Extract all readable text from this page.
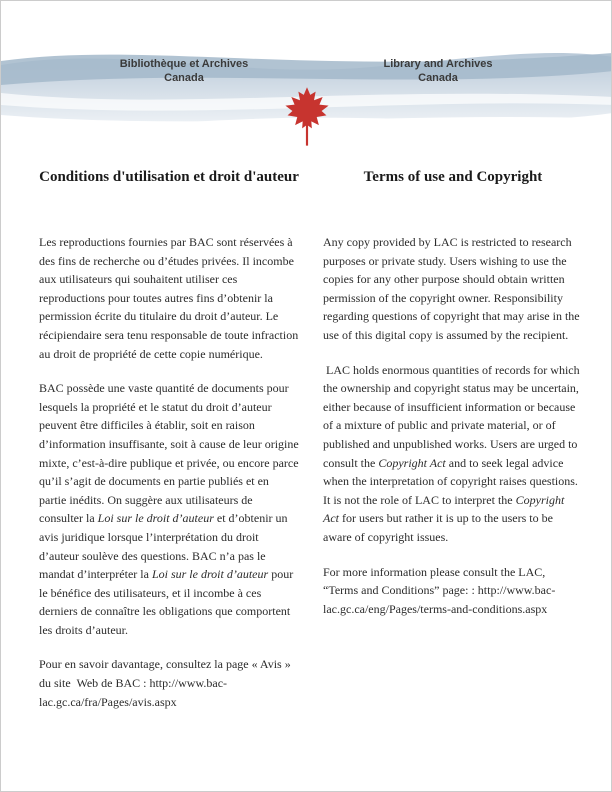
Bibliothèque et Archives
Canada
Library and Archives
Canada
Conditions d'utilisation et droit d'auteur

Les reproductions fournies par BAC sont réservées à des fins de recherche ou d’études privées. Il incombe aux utilisateurs qui souhaitent utiliser ces reproductions pour toutes autres fins d’obtenir la permission écrite du titulaire du droit d’auteur. Le récipiendaire sera tenu responsable de toute infraction au droit de propriété de cette copie numérique.

BAC possède une vaste quantité de documents pour lesquels la propriété et le statut du droit d’auteur peuvent être difficiles à établir, soit en raison d’information insuffisante, soit à cause de leur origine mixte, c’est-à-dire publique et privée, ou encore parce qu’il s’agit de documents en partie publiés et en partie inédits. On suggère aux utilisateurs de consulter la Loi sur le droit d’auteur et d’obtenir un avis juridique lorsque l’interprétation du droit d’auteur soulève des questions. BAC n’a pas le mandat d’interpréter la Loi sur le droit d’auteur pour le bénéfice des utilisateurs, et il incombe à ces derniers de connaître les obligations que comportent les droits d’auteur.

Pour en savoir davantage, consultez la page « Avis » du site  Web de BAC : http://www.bac-lac.gc.ca/fra/Pages/avis.aspx

Terms of use and Copyright

Any copy provided by LAC is restricted to research purposes or private study. Users wishing to use the copies for any other purpose should obtain written permission of the copyright owner. Responsibility regarding questions of copyright that may arise in the use of this digital copy is assumed by the recipient.

LAC holds enormous quantities of records for which the ownership and copyright status may be uncertain, either because of insufficient information or because of a mixture of public and private material, or of published and unpublished works. Users are urged to consult the Copyright Act and to seek legal advice when the interpretation of copyright raises questions. It is not the role of LAC to interpret the Copyright Act for users but rather it is up to the users to be aware of copyright issues.

For more information please consult the LAC, “Terms and Conditions” page: : http://www.bac-lac.gc.ca/eng/Pages/terms-and-conditions.aspx
